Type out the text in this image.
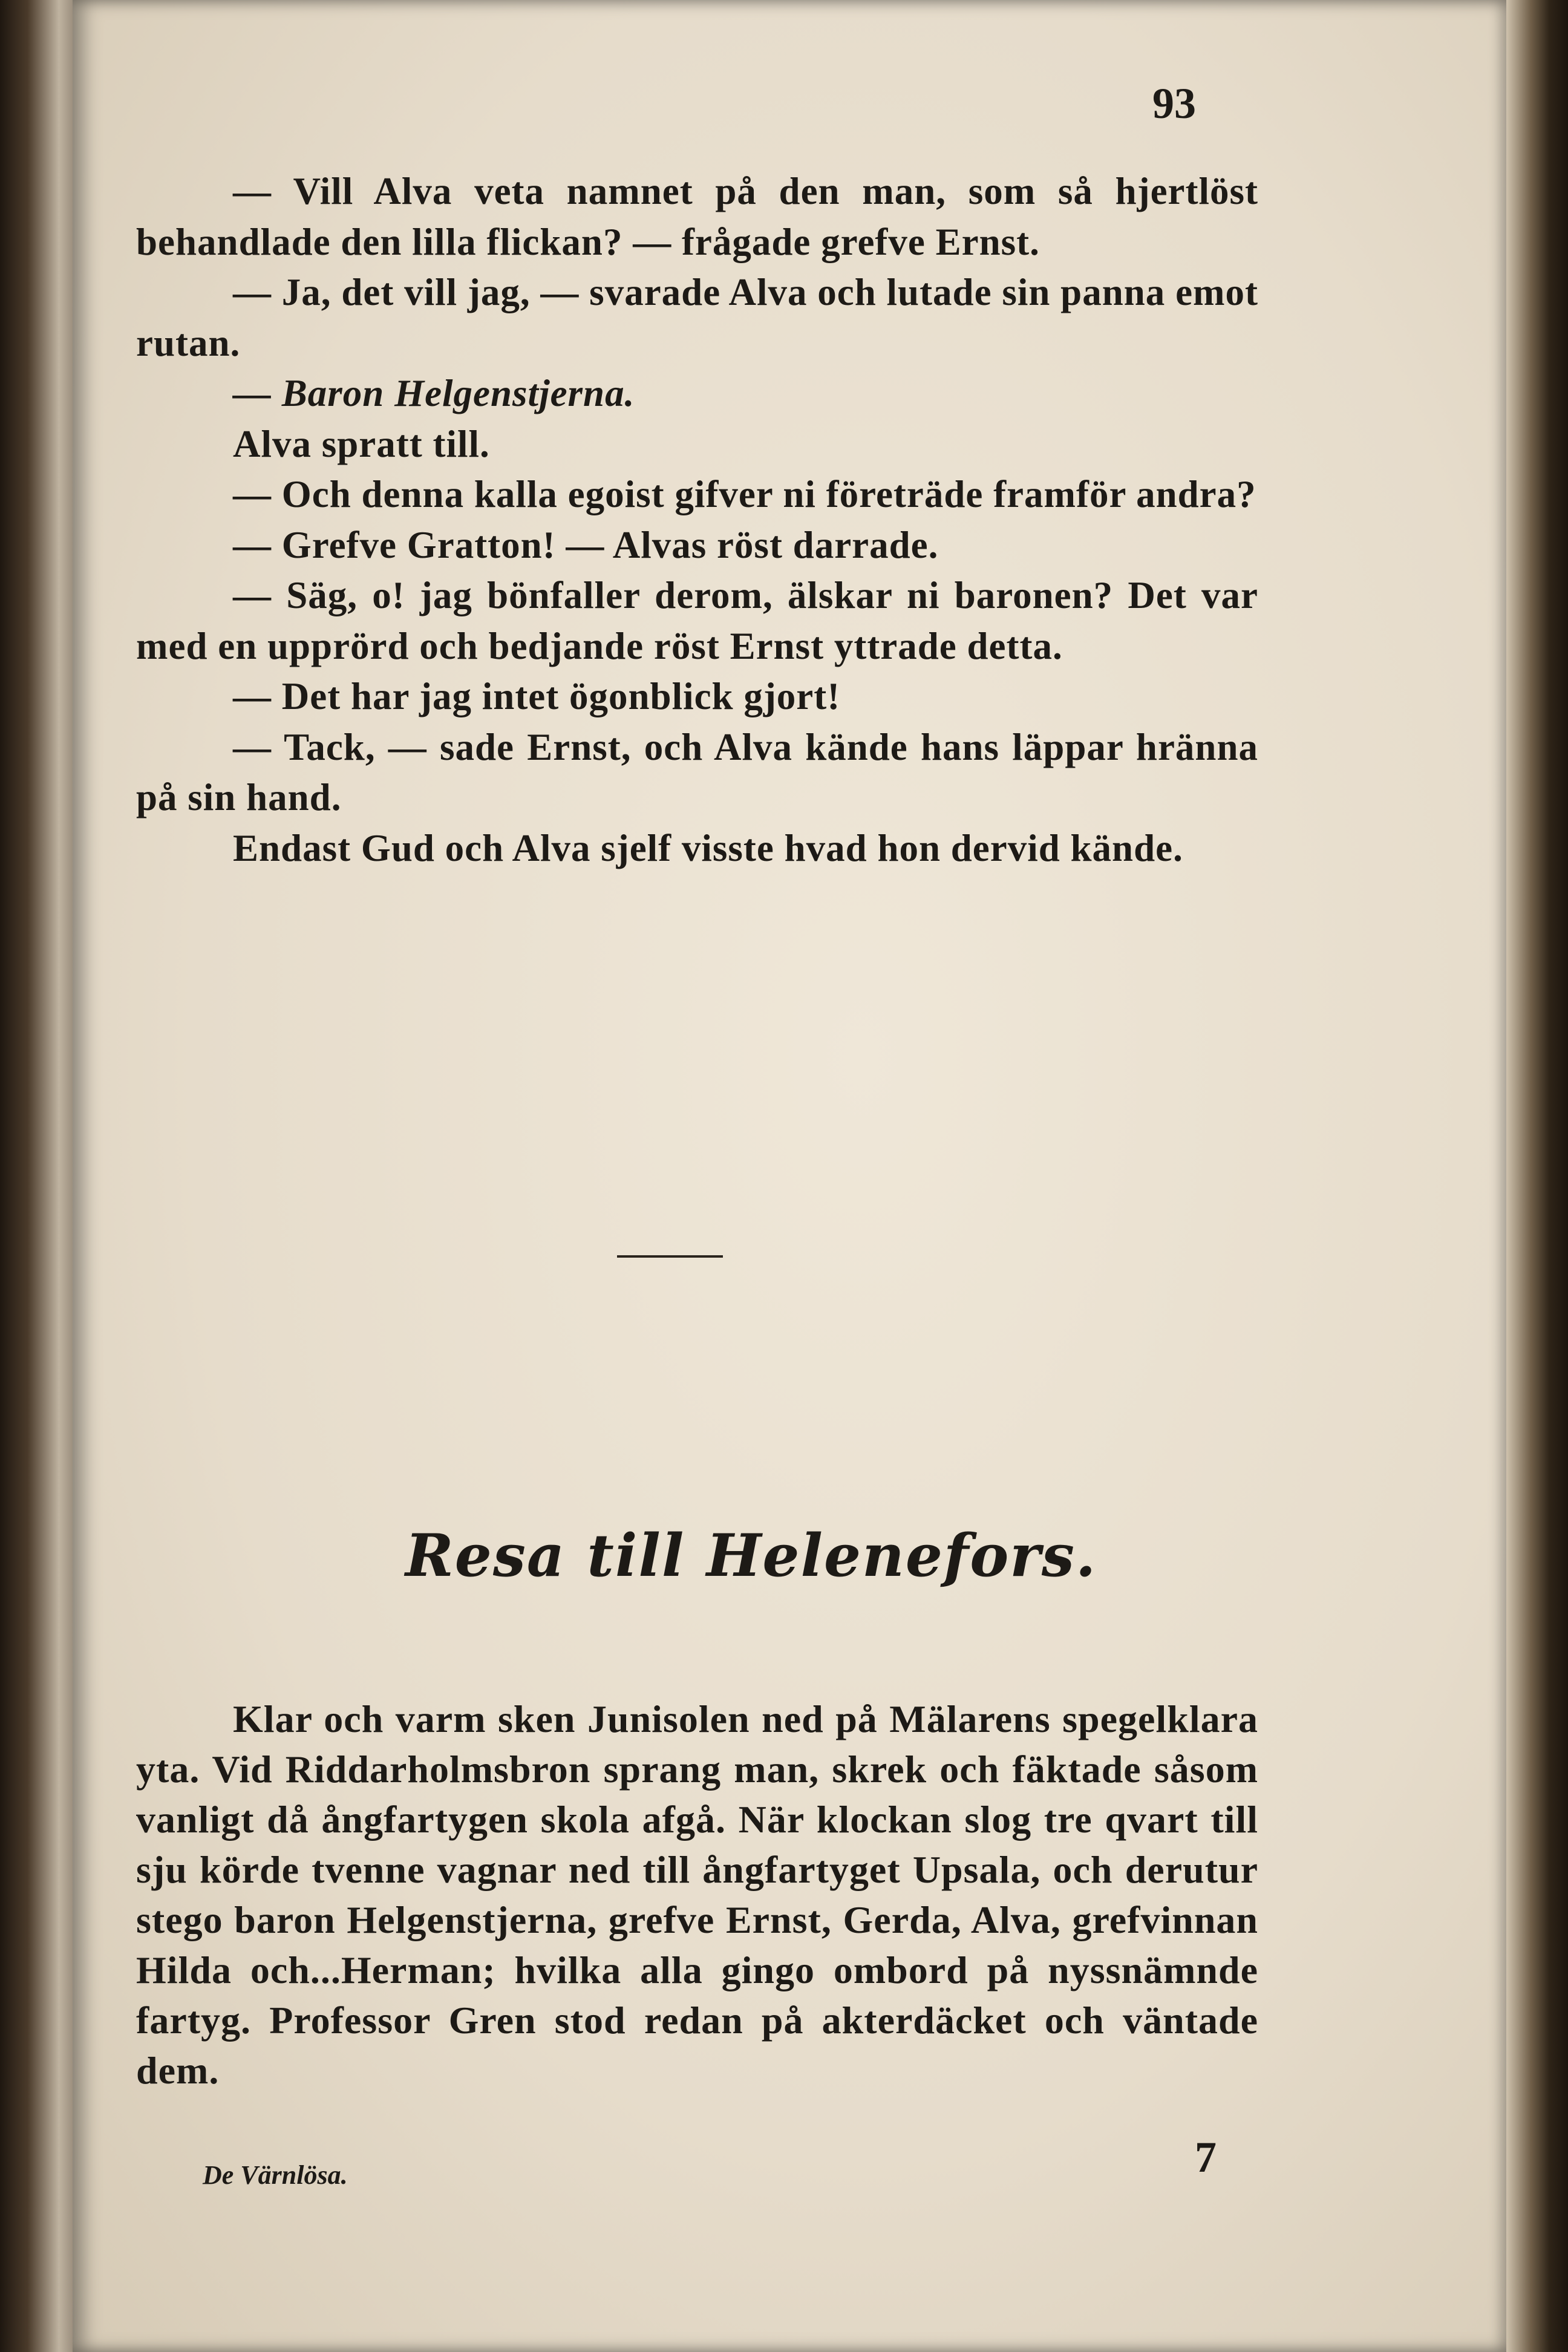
93

— Vill Alva veta namnet på den man, som så hjertlöst behandlade den lilla flickan? — frågade grefve Ernst.

— Ja, det vill jag, — svarade Alva och lutade sin panna emot rutan.

— Baron Helgenstjerna.

Alva spratt till.

— Och denna kalla egoist gifver ni företräde framför andra?

— Grefve Gratton! — Alvas röst darrade.

— Säg, o! jag bönfaller derom, älskar ni baronen? Det var med en upprörd och bedjande röst Ernst yttrade detta.

— Det har jag intet ögonblick gjort!

— Tack, — sade Ernst, och Alva kände hans läppar hränna på sin hand.

Endast Gud och Alva sjelf visste hvad hon dervid kände.

Resa till Helenefors.

Klar och varm sken Junisolen ned på Mälarens spegelklara yta. Vid Riddarholmsbron sprang man, skrek och fäktade såsom vanligt då ångfartygen skola afgå. När klockan slog tre qvart till sju körde tvenne vagnar ned till ångfartyget Upsala, och derutur stego baron Helgenstjerna, grefve Ernst, Gerda, Alva, grefvinnan Hilda och...Herman; hvilka alla gingo ombord på nyssnämnde fartyg. Professor Gren stod redan på akterdäcket och väntade dem.

De Värnlösa.	7
